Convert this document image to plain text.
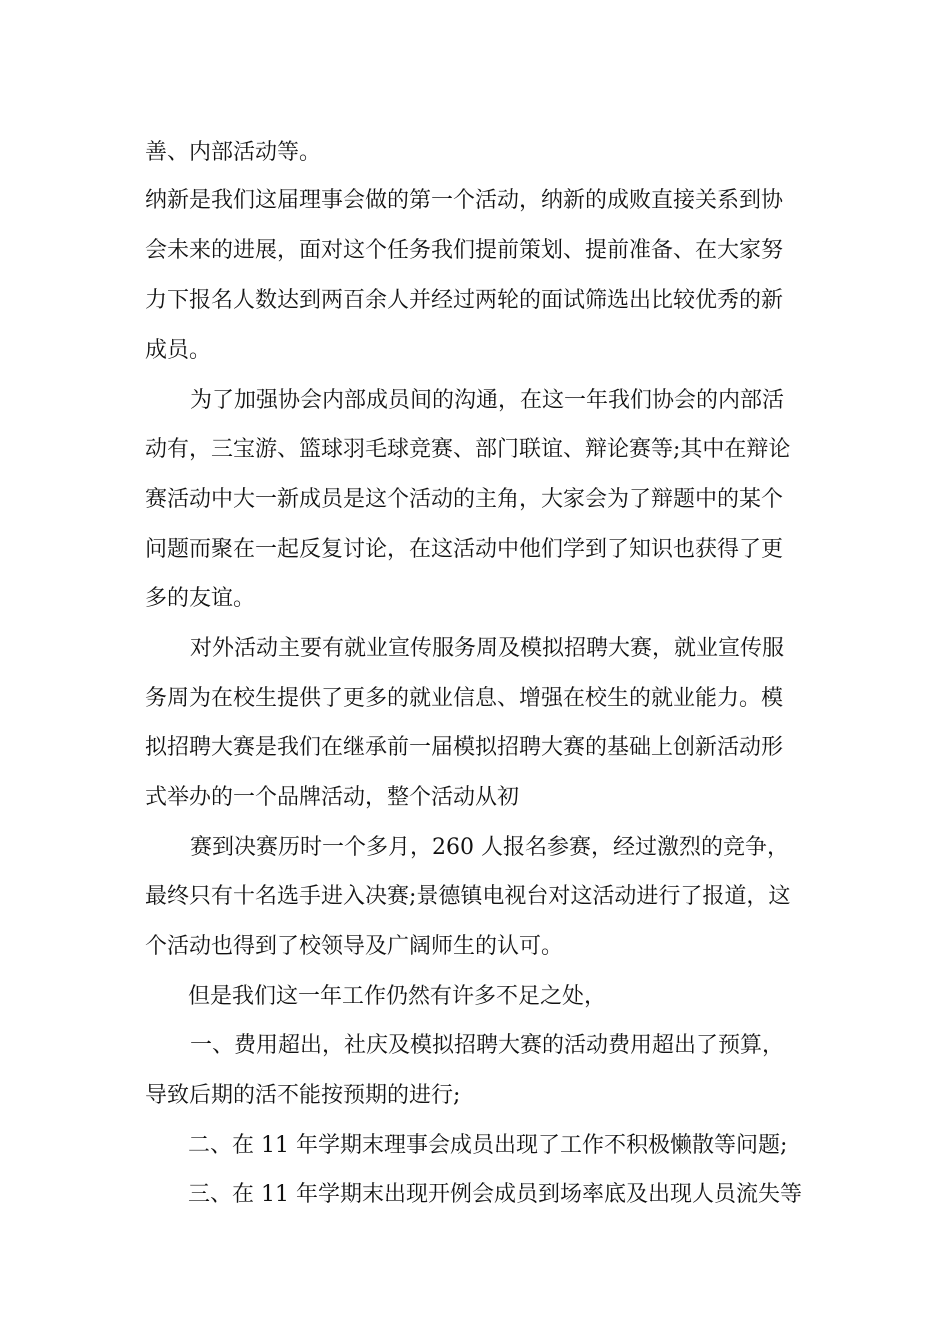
善、内部活动等。

纳新是我们这届理事会做的第一个活动，纳新的成败直接关系到协

会未来的进展，面对这个任务我们提前策划、提前准备、在大家努

力下报名人数达到两百余人并经过两轮的面试筛选出比较优秀的新

成员。

为了加强协会内部成员间的沟通，在这一年我们协会的内部活

动有，三宝游、篮球羽毛球竞赛、部门联谊、辩论赛等;其中在辩论

赛活动中大一新成员是这个活动的主角，大家会为了辩题中的某个

问题而聚在一起反复讨论，在这活动中他们学到了知识也获得了更

多的友谊。

对外活动主要有就业宣传服务周及模拟招聘大赛，就业宣传服

务周为在校生提供了更多的就业信息、增强在校生的就业能力。模

拟招聘大赛是我们在继承前一届模拟招聘大赛的基础上创新活动形

式举办的一个品牌活动，整个活动从初

赛到决赛历时一个多月，260 人报名参赛，经过激烈的竞争，

最终只有十名选手进入决赛;景德镇电视台对这活动进行了报道，这

个活动也得到了校领导及广阔师生的认可。

但是我们这一年工作仍然有许多不足之处，

一、费用超出，社庆及模拟招聘大赛的活动费用超出了预算，

导致后期的活不能按预期的进行;

二、在 11 年学期末理事会成员出现了工作不积极懒散等问题;

三、在 11 年学期末出现开例会成员到场率底及出现人员流失等
